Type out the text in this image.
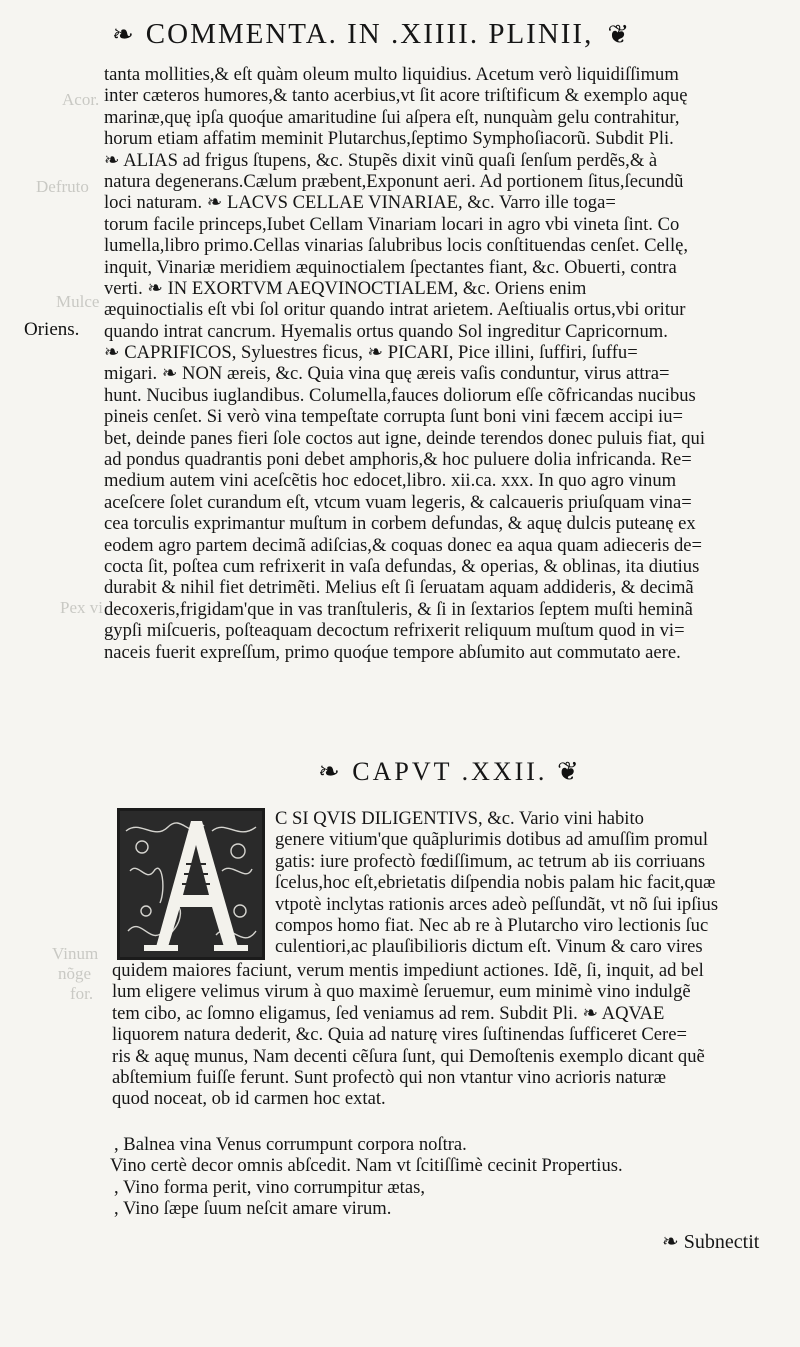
❧ COMMENTA. IN .XIIII. PLINII, ❦
Acor.
Defruto
Mulce
Oriens.
Pex vi
Vinum
nõge
for.
tanta mollities,& eſt quàm oleum multo liquidius. Acetum verò liquidiſſimum
inter cæteros humores,& tanto acerbius,vt ſit acore triſtificum & exemplo aquę
marinæ,quę ipſa quoq́ue amaritudine ſui aſpera eſt, nunquàm gelu contrahitur,
horum etiam affatim meminit Plutarchus,ſeptimo Symphoſiacorũ. Subdit Pli.
❧ ALIAS ad frigus ſtupens, &c. Stupẽs dixit vinũ quaſi ſenſum perdẽs,& à
natura degenerans.Cælum præbent,Exponunt aeri. Ad portionem ſitus,ſecundũ
loci naturam. ❧ LACVS CELLAE VINARIAE, &c. Varro ille toga=
torum facile princeps,Iubet Cellam Vinariam locari in agro vbi vineta ſint. Co
lumella,libro primo.Cellas vinarias ſalubribus locis conſtituendas cenſet. Cellę,
inquit, Vinariæ meridiem æquinoctialem ſpectantes fiant, &c. Obuerti, contra
verti. ❧ IN EXORTVM AEQVINOCTIALEM, &c. Oriens enim
æquinoctialis eſt vbi ſol oritur quando intrat arietem. Aeſtiualis ortus,vbi oritur
quando intrat cancrum. Hyemalis ortus quando Sol ingreditur Capricornum.
❧ CAPRIFICOS, Syluestres ficus, ❧ PICARI, Pice illini, ſuffiri, ſuffu=
migari. ❧ NON æreis, &c. Quia vina quę æreis vaſis conduntur, virus attra=
hunt. Nucibus iuglandibus. Columella,fauces doliorum eſſe cõfricandas nucibus
pineis cenſet. Si verò vina tempeſtate corrupta ſunt boni vini fæcem accipi iu=
bet, deinde panes fieri ſole coctos aut igne, deinde terendos donec puluis fiat, qui
ad pondus quadrantis poni debet amphoris,& hoc puluere dolia infricanda. Re=
medium autem vini aceſcẽtis hoc edocet,libro. xii.ca. xxx. In quo agro vinum
aceſcere ſolet curandum eſt, vtcum vuam legeris, & calcaueris priuſquam vina=
cea torculis exprimantur muſtum in corbem defundas, & aquę dulcis puteanę ex
eodem agro partem decimã adiſcias,& coquas donec ea aqua quam adieceris de=
cocta ſit, poſtea cum refrixerit in vaſa defundas, & operias, & oblinas, ita diutius
durabit & nihil fiet detrimẽti. Melius eſt ſi ſeruatam aquam addideris, & decimã
decoxeris,frigidam'que in vas tranſtuleris, & ſi in ſextarios ſeptem muſti heminã
gypſi miſcueris, poſteaquam decoctum refrixerit reliquum muſtum quod in vi=
naceis fuerit expreſſum, primo quoq́ue tempore abſumito aut commutato aere.
❧ CAPVT .XXII. ❦
C SI QVIS DILIGENTIVS, &c. Vario vini habito
genere vitium'que quãplurimis dotibus ad amuſſim promul
gatis: iure profectò fœdiſſimum, ac tetrum ab iis corriuans
ſcelus,hoc eſt,ebrietatis diſpendia nobis palam hic facit,quæ
vtpotè inclytas rationis arces adeò peſſundãt, vt nõ ſui ipſius
compos homo fiat. Nec ab re à Plutarcho viro lectionis ſuc
culentiori,ac plauſibilioris dictum eſt. Vinum & caro vires
quidem maiores faciunt, verum mentis impediunt actiones. Idẽ, ſi, inquit, ad bel
lum eligere velimus virum à quo maximè ſeruemur, eum minimè vino indulgẽ
tem cibo, ac ſomno eligamus, ſed veniamus ad rem. Subdit Pli. ❧ AQVAE
liquorem natura dederit, &c. Quia ad naturę vires ſuſtinendas ſufficeret Cere=
ris & aquę munus, Nam decenti cẽſura ſunt, qui Demoſtenis exemplo dicant quẽ
abſtemium fuiſſe ferunt. Sunt profectò qui non vtantur vino acrioris naturæ
quod noceat, ob id carmen hoc extat.
, Balnea vina Venus corrumpunt corpora noſtra.
Vino certè decor omnis abſcedit. Nam vt ſcitiſſimè cecinit Propertius.
, Vino forma perit, vino corrumpitur ætas,
, Vino ſæpe ſuum neſcit amare virum.
❧ Subnectit
